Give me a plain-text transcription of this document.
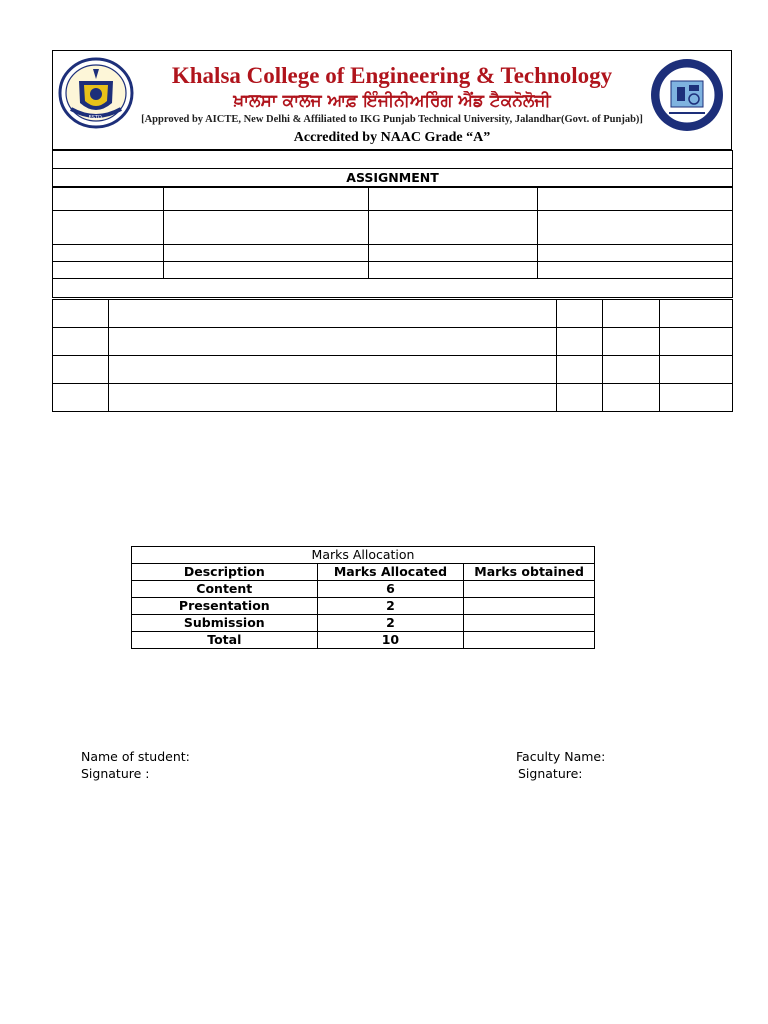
ESTD.
Khalsa College of Engineering & Technology
ਖ਼ਾਲਸਾ ਕਾਲਜ ਆਫ਼ ਇੰਜੀਨੀਅਰਿੰਗ ਐਂਡ ਟੈਕਨੋਲੋਜੀ
[Approved by AICTE, New Delhi & Affiliated to IKG Punjab Technical University, Jalandhar(Govt. of Punjab)]
Accredited by NAAC Grade “A”

ASSIGNMENT

Marks Allocation		
Description	Marks Allocated	Marks obtained
Content	6	
Presentation	2	
Submission	2	
Total	10	
Name of student:
Signature :
Faculty Name:
Signature:
